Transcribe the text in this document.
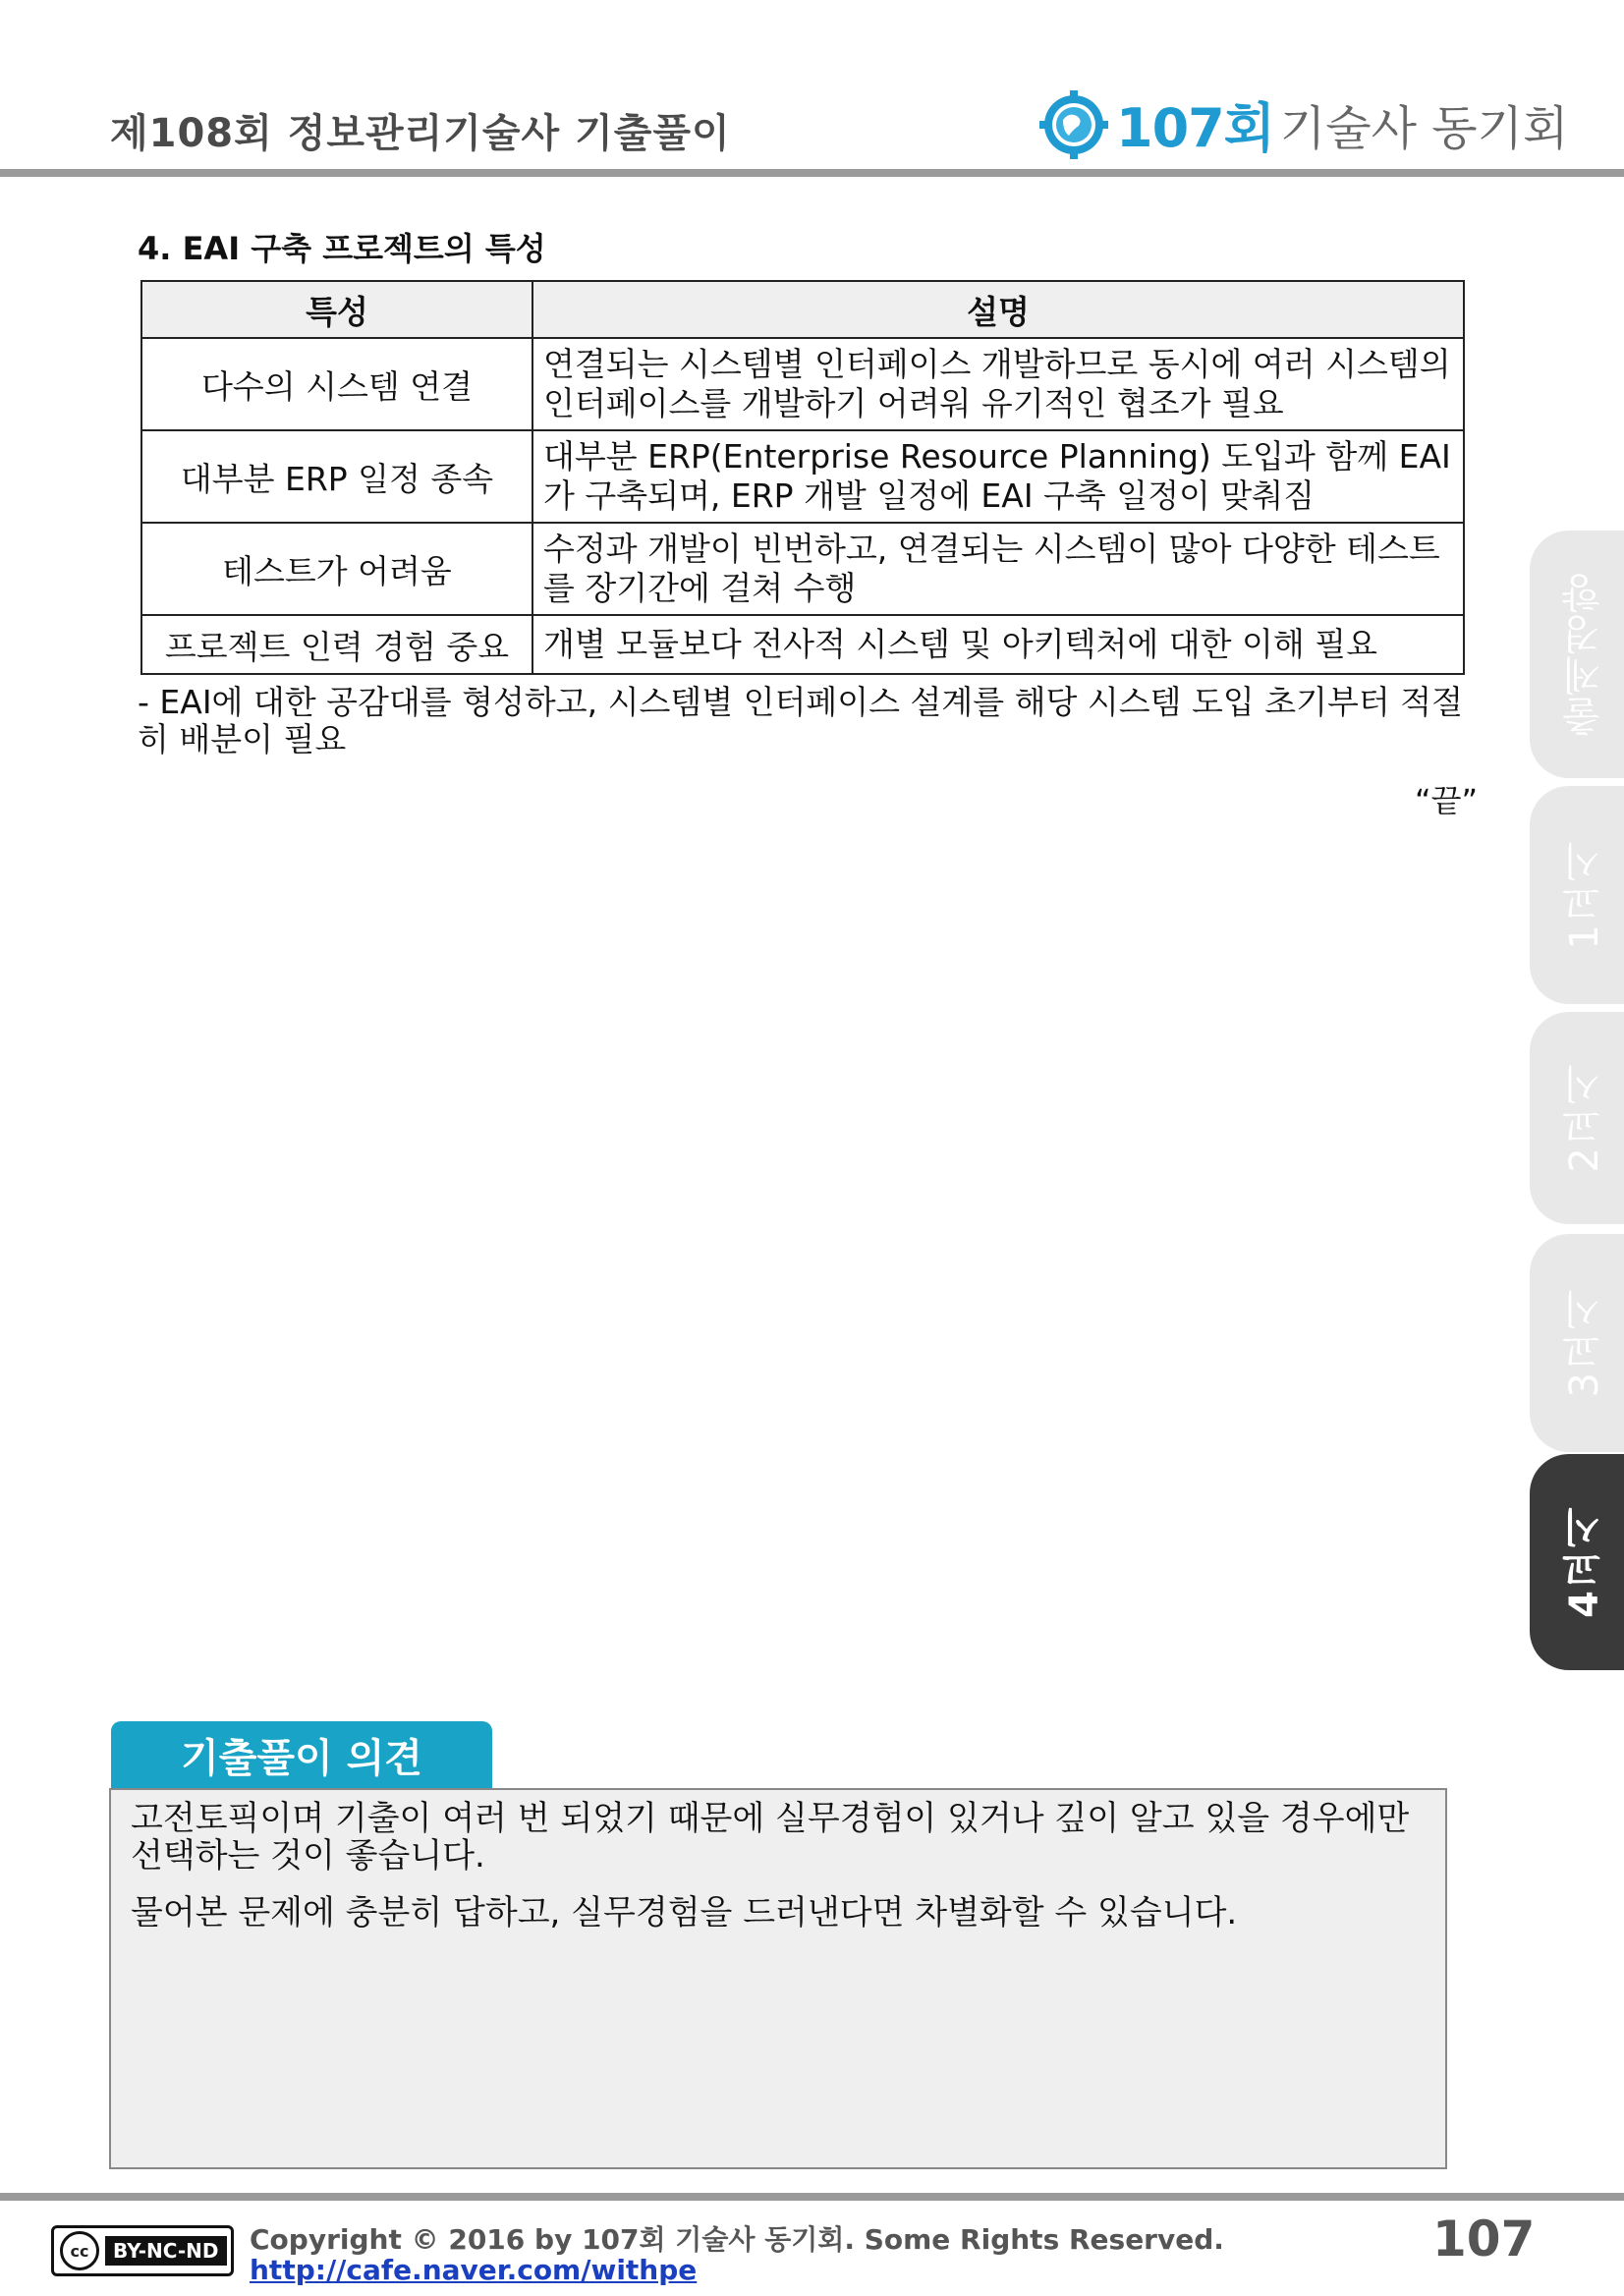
제108회 정보관리기술사 기출풀이	107회 기술사 동기회
4. EAI 구축 프로젝트의 특성
특성	설명
다수의 시스템 연결	연결되는 시스템별 인터페이스 개발하므로 동시에 여러 시스템의 인터페이스를 개발하기 어려워 유기적인 협조가 필요
대부분 ERP 일정 종속	대부분 ERP(Enterprise Resource Planning) 도입과 함께 EAI가 구축되며, ERP 개발 일정에 EAI 구축 일정이 맞춰짐
테스트가 어려움	수정과 개발이 빈번하고, 연결되는 시스템이 많아 다양한 테스트를 장기간에 걸쳐 수행
프로젝트 인력 경험 중요	개별 모듈보다 전사적 시스템 및 아키텍처에 대한 이해 필요
- EAI에 대한 공감대를 형성하고, 시스템별 인터페이스 설계를 해당 시스템 도입 초기부터 적절히 배분이 필요
“끝”
출제경향
1교시
2교시
3교시
4교시
기출풀이 의견

고전토픽이며 기출이 여러 번 되었기 때문에 실무경험이 있거나 깊이 알고 있을 경우에만 선택하는 것이 좋습니다.

물어본 문제에 충분히 답하고, 실무경험을 드러낸다면 차별화할 수 있습니다.

cc	BY-NC-ND Copyright © 2016 by 107회 기술사 동기회. Some Rights Reserved.
http://cafe.naver.com/withpe
107
